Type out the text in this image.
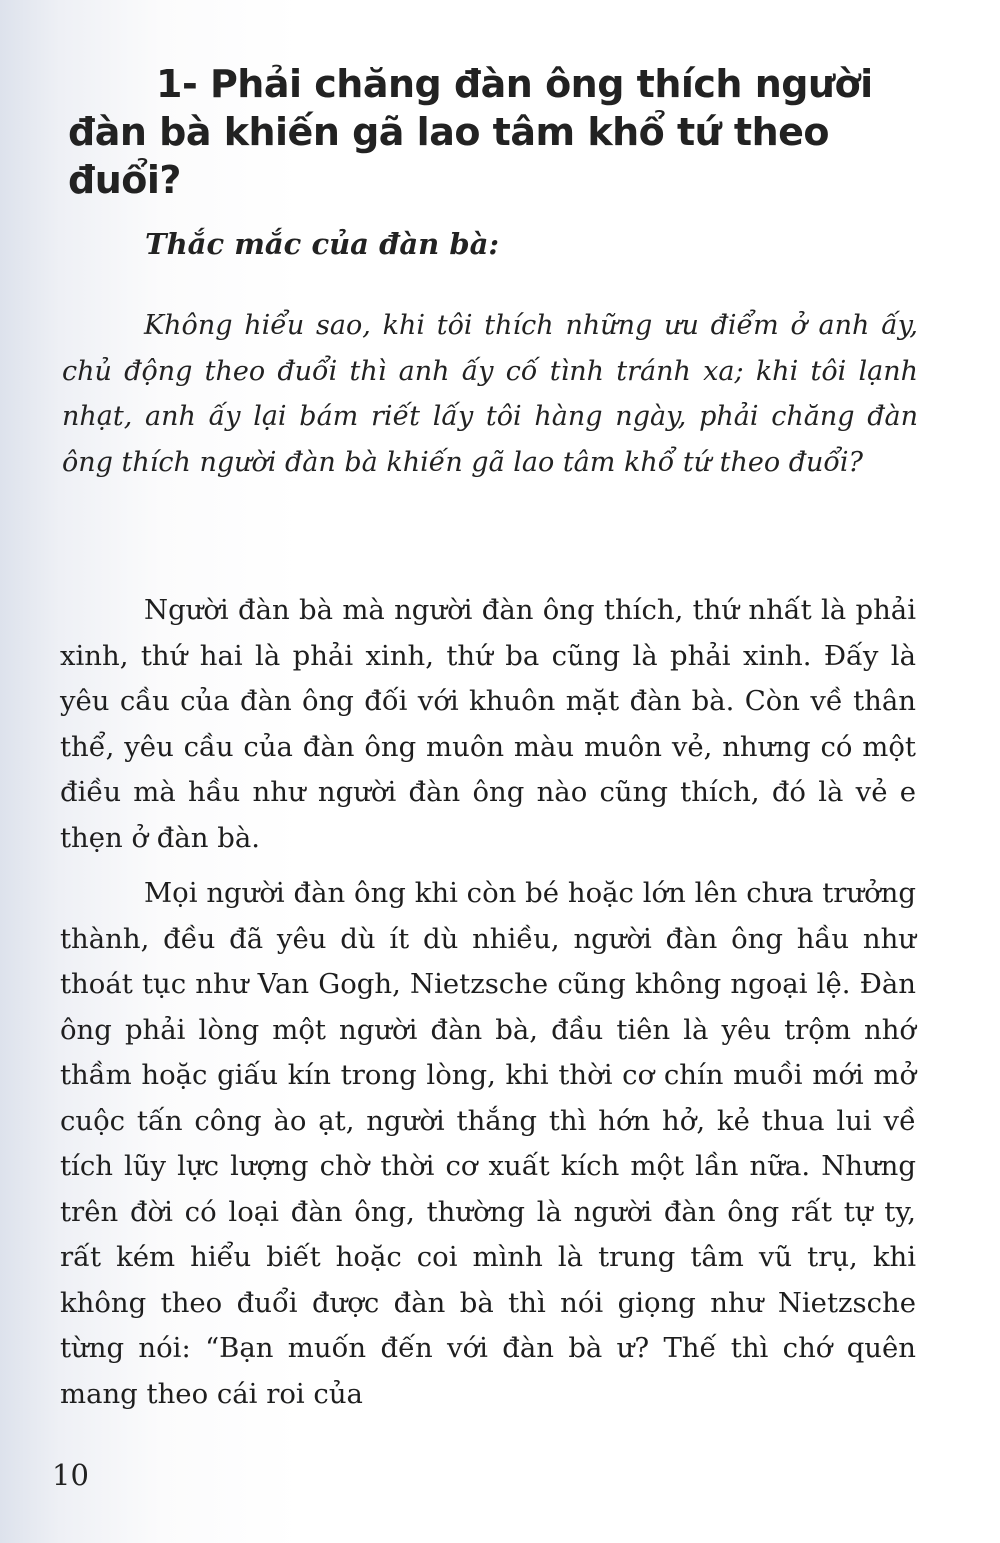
1- Phải chăng đàn ông thích người đàn bà khiến gã lao tâm khổ tứ theo đuổi?

Thắc mắc của đàn bà:

Không hiểu sao, khi tôi thích những ưu điểm ở anh ấy, chủ động theo đuổi thì anh ấy cố tình tránh xa; khi tôi lạnh nhạt, anh ấy lại bám riết lấy tôi hàng ngày, phải chăng đàn ông thích người đàn bà khiến gã lao tâm khổ tứ theo đuổi?

Người đàn bà mà người đàn ông thích, thứ nhất là phải xinh, thứ hai là phải xinh, thứ ba cũng là phải xinh. Đấy là yêu cầu của đàn ông đối với khuôn mặt đàn bà. Còn về thân thể, yêu cầu của đàn ông muôn màu muôn vẻ, nhưng có một điều mà hầu như người đàn ông nào cũng thích, đó là vẻ e thẹn ở đàn bà.

Mọi người đàn ông khi còn bé hoặc lớn lên chưa trưởng thành, đều đã yêu dù ít dù nhiều, người đàn ông hầu như thoát tục như Van Gogh, Nietzsche cũng không ngoại lệ. Đàn ông phải lòng một người đàn bà, đầu tiên là yêu trộm nhớ thầm hoặc giấu kín trong lòng, khi thời cơ chín muồi mới mở cuộc tấn công ào ạt, người thắng thì hớn hở, kẻ thua lui về tích lũy lực lượng chờ thời cơ xuất kích một lần nữa. Nhưng trên đời có loại đàn ông, thường là người đàn ông rất tự ty, rất kém hiểu biết hoặc coi mình là trung tâm vũ trụ, khi không theo đuổi được đàn bà thì nói giọng như Nietzsche từng nói: “Bạn muốn đến với đàn bà ư? Thế thì chớ quên mang theo cái roi của

10
